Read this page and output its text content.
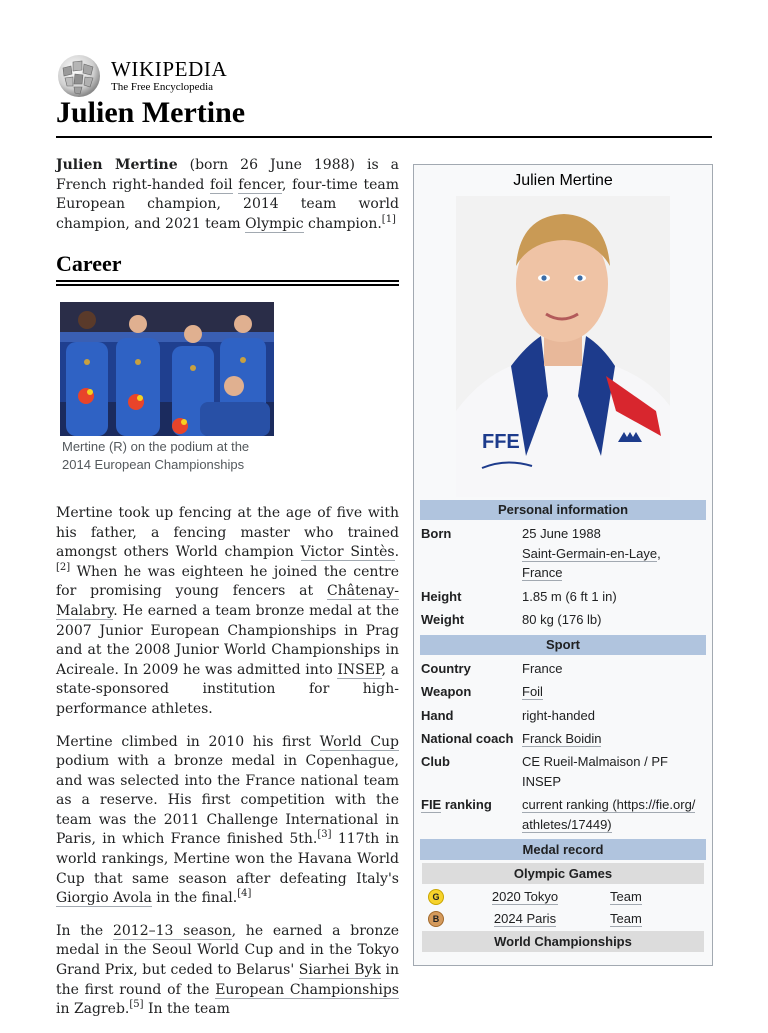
WIKIPEDIA
The Free Encyclopedia
Julien Mertine

Julien Mertine (born 26 June 1988) is a French right-handed foil fencer, four-time team European champion, 2014 team world champion, and 2021 team Olympic champion.[1]

Career
Mertine (R) on the podium at the 2014 European Championships

Mertine took up fencing at the age of five with his father, a fencing master who trained amongst others World champion Victor Sintès.[2] When he was eighteen he joined the centre for promising young fencers at Châtenay-Malabry. He earned a team bronze medal at the 2007 Junior European Championships in Prag and at the 2008 Junior World Championships in Acireale. In 2009 he was admitted into INSEP, a state-sponsored institution for high-performance athletes.

Mertine climbed in 2010 his first World Cup podium with a bronze medal in Copenhague, and was selected into the France national team as a reserve. His first competition with the team was the 2011 Challenge International in Paris, in which France finished 5th.[3] 117th in world rankings, Mertine won the Havana World Cup that same season after defeating Italy's Giorgio Avola in the final.[4]

In the 2012–13 season, he earned a bronze medal in the Seoul World Cup and in the Tokyo Grand Prix, but ceded to Belarus' Siarhei Byk in the first round of the European Championships in Zagreb.[5] In the team

Julien Mertine
FFE
Personal information
Born	25 June 1988
Saint-Germain-en-Laye,
France
Height	1.85 m (6 ft 1 in)
Weight	80 kg (176 lb)
Sport
Country	France
Weapon	Foil
Hand	right-handed
National coach Franck Boidin
Club	CE Rueil-Malmaison / PF
INSEP
FIE ranking	current ranking (https://fie.org/
athletes/17449)
Medal record
Olympic Games
G	2020 Tokyo	Team
B	2024 Paris	Team
World Championships
